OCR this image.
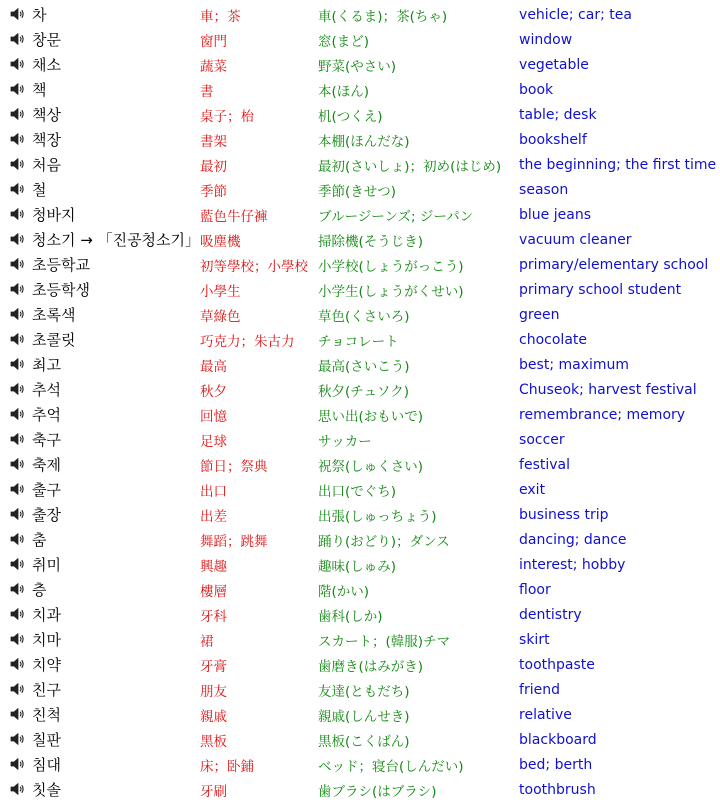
차	車；茶	車(くるま)；茶(ちゃ)	vehicle; car; tea
창문	窗門	窓(まど)	window
채소	蔬菜	野菜(やさい)	vegetable
책	書	本(ほん)	book
책상	桌子；枱	机(つくえ)	table; desk
책장	書架	本棚(ほんだな)	bookshelf
처음	最初	最初(さいしょ)；初め(はじめ)	the beginning; the first time
철	季節	季節(きせつ)	season
청바지	藍色牛仔褲	ブルージーンズ; ジーパン	blue jeans
청소기 → 「진공청소기」	吸塵機	掃除機(そうじき)	vacuum cleaner
초등학교	初等學校；小學校	小学校(しょうがっこう)	primary/elementary school
초등학생	小學生	小学生(しょうがくせい)	primary school student
초록색	草綠色	草色(くさいろ)	green
초콜릿	巧克力；朱古力	チョコレート	chocolate
최고	最高	最高(さいこう)	best; maximum
추석	秋夕	秋夕(チュソク)	Chuseok; harvest festival
추억	回憶	思い出(おもいで)	remembrance; memory
축구	足球	サッカー	soccer
축제	節日；祭典	祝祭(しゅくさい)	festival
출구	出口	出口(でぐち)	exit
출장	出差	出張(しゅっちょう)	business trip
춤	舞蹈；跳舞	踊り(おどり)；ダンス	dancing; dance
취미	興趣	趣味(しゅみ)	interest; hobby
층	樓層	階(かい)	floor
치과	牙科	歯科(しか)	dentistry
치마	裙	スカート；(韓服)チマ	skirt
치약	牙膏	歯磨き(はみがき)	toothpaste
친구	朋友	友達(ともだち)	friend
친척	親戚	親戚(しんせき)	relative
칠판	黑板	黒板(こくばん)	blackboard
침대	床；卧鋪	ベッド；寝台(しんだい)	bed; berth
칫솔	牙刷	歯ブラシ(はブラシ)	toothbrush
